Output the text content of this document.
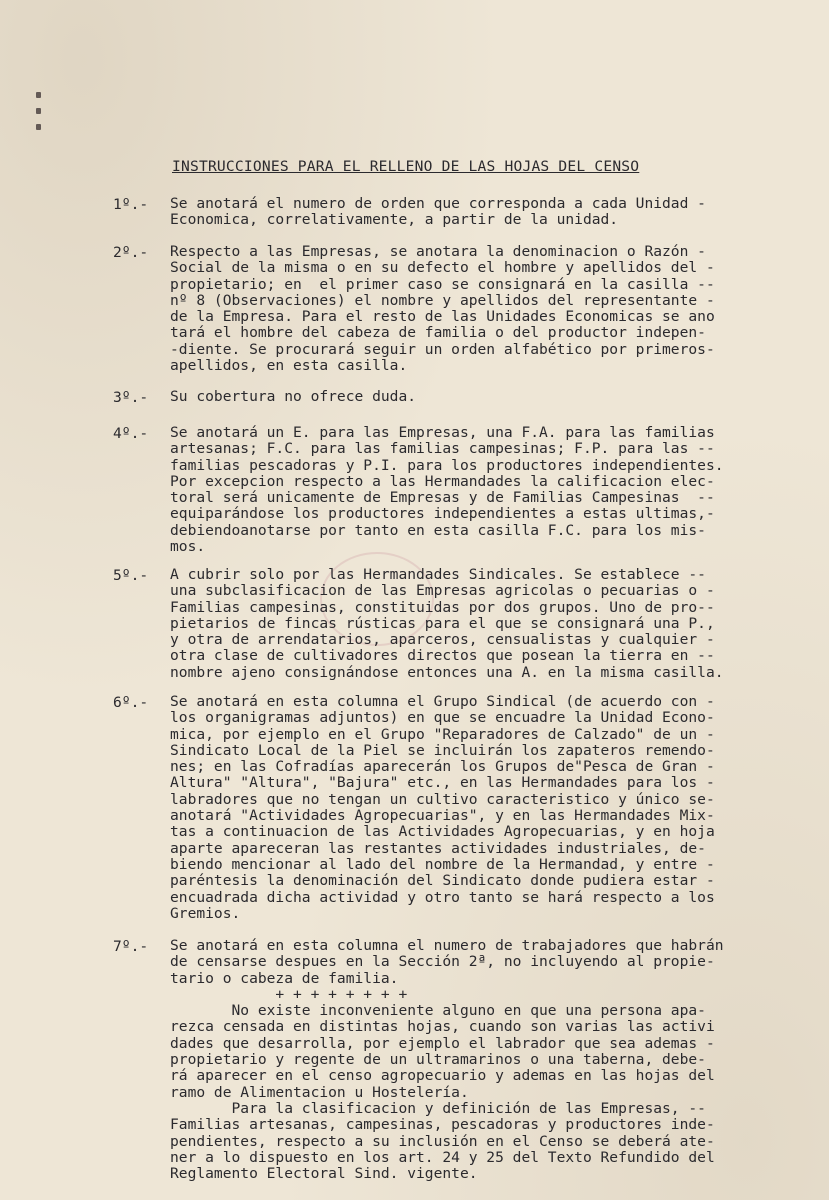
INSTRUCCIONES PARA EL RELLENO DE LAS HOJAS DEL CENSO
1º.- Se anotará el numero de orden que corresponda a cada Unidad -
Economica, correlativamente, a partir de la unidad.
2º.- Respecto a las Empresas, se anotara la denominacion o Razón -
Social de la misma o en su defecto el hombre y apellidos del -
propietario; en  el primer caso se consignará en la casilla --
nº 8 (Observaciones) el nombre y apellidos del representante -
de la Empresa. Para el resto de las Unidades Economicas se ano
tará el hombre del cabeza de familia o del productor indepen-
-diente. Se procurará seguir un orden alfabético por primeros-
apellidos, en esta casilla.
3º.- Su cobertura no ofrece duda.
4º.- Se anotará un E. para las Empresas, una F.A. para las familias
artesanas; F.C. para las familias campesinas; F.P. para las --
familias pescadoras y P.I. para los productores independientes.
Por excepcion respecto a las Hermandades la calificacion elec-
toral será unicamente de Empresas y de Familias Campesinas  --
equiparándose los productores independientes a estas ultimas,-
debiendoanotarse por tanto en esta casilla F.C. para los mis-
mos.
5º.- A cubrir solo por las Hermandades Sindicales. Se establece --
una subclasificacion de las Empresas agricolas o pecuarias o -
Familias campesinas, constituidas por dos grupos. Uno de pro--
pietarios de fincas rústicas para el que se consignará una P.,
y otra de arrendatarios, aparceros, censualistas y cualquier -
otra clase de cultivadores directos que posean la tierra en --
nombre ajeno consignándose entonces una A. en la misma casilla.
6º.- Se anotará en esta columna el Grupo Sindical (de acuerdo con -
los organigramas adjuntos) en que se encuadre la Unidad Econo-
mica, por ejemplo en el Grupo "Reparadores de Calzado" de un -
Sindicato Local de la Piel se incluirán los zapateros remendo-
nes; en las Cofradías aparecerán los Grupos de"Pesca de Gran -
Altura" "Altura", "Bajura" etc., en las Hermandades para los -
labradores que no tengan un cultivo caracteristico y único se-
anotará "Actividades Agropecuarias", y en las Hermandades Mix-
tas a continuacion de las Actividades Agropecuarias, y en hoja
aparte apareceran las restantes actividades industriales, de-
biendo mencionar al lado del nombre de la Hermandad, y entre -
paréntesis la denominación del Sindicato donde pudiera estar -
encuadrada dicha actividad y otro tanto se hará respecto a los
Gremios.
7º.- Se anotará en esta columna el numero de trabajadores que habrán
de censarse despues en la Sección 2ª, no incluyendo al propie-
tario o cabeza de familia.
+ + + + + + + +
No existe inconveniente alguno en que una persona apa-
rezca censada en distintas hojas, cuando son varias las activi
dades que desarrolla, por ejemplo el labrador que sea ademas -
propietario y regente de un ultramarinos o una taberna, debe-
rá aparecer en el censo agropecuario y ademas en las hojas del
ramo de Alimentacion u Hostelería.
Para la clasificacion y definición de las Empresas, --
Familias artesanas, campesinas, pescadoras y productores inde-
pendientes, respecto a su inclusión en el Censo se deberá ate-
ner a lo dispuesto en los art. 24 y 25 del Texto Refundido del
Reglamento Electoral Sind. vigente.
